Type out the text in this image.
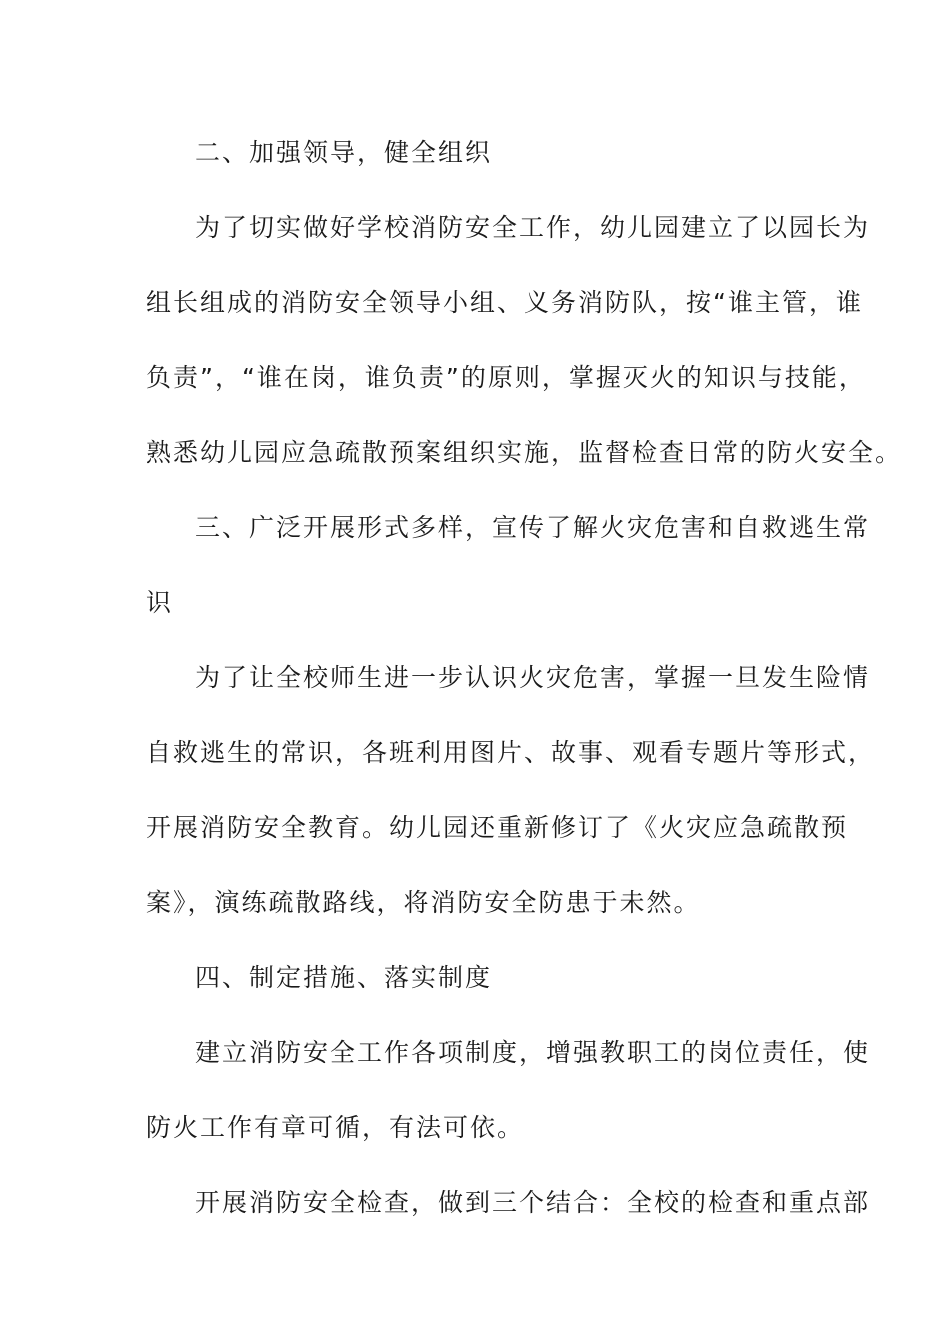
二、加强领导，健全组织
为了切实做好学校消防安全工作，幼儿园建立了以园长为
组长组成的消防安全领导小组、义务消防队，按“谁主管，谁
负责”，“谁在岗，谁负责”的原则，掌握灭火的知识与技能，
熟悉幼儿园应急疏散预案组织实施，监督检查日常的防火安全。
三、广泛开展形式多样，宣传了解火灾危害和自救逃生常
识
为了让全校师生进一步认识火灾危害，掌握一旦发生险情
自救逃生的常识，各班利用图片、故事、观看专题片等形式，
开展消防安全教育。幼儿园还重新修订了《火灾应急疏散预
案》，演练疏散路线，将消防安全防患于未然。
四、制定措施、落实制度
建立消防安全工作各项制度，增强教职工的岗位责任，使
防火工作有章可循，有法可依。
开展消防安全检查，做到三个结合：全校的检查和重点部
